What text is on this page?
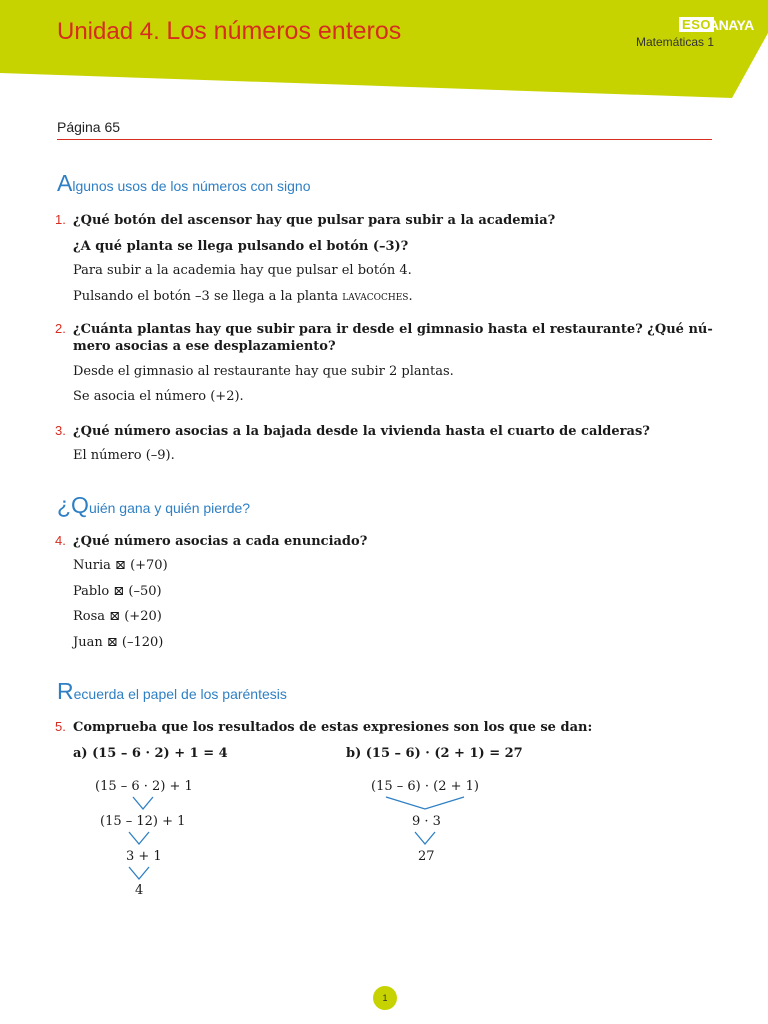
Unidad 4. Los números enteros	ANAYA
ESO
Matemáticas 1
Página 65
Algunos usos de los números con signo
1. ¿Qué botón del ascensor hay que pulsar para subir a la academia?
¿A qué planta se llega pulsando el botón (–3)?
Para subir a la academia hay que pulsar el botón 4.
Pulsando el botón –3 se llega a la planta lavacoches.
2. ¿Cuánta plantas hay que subir para ir desde el gimnasio hasta el restaurante? ¿Qué nú-
mero asocias a ese desplazamiento?
Desde el gimnasio al restaurante hay que subir 2 plantas.
Se asocia el número (+2).
3. ¿Qué número asocias a la bajada desde la vivienda hasta el cuarto de calderas?
El número (–9).
¿Quién gana y quién pierde?
4. ¿Qué número asocias a cada enunciado?
Nuria ⊠ (+70)
Pablo ⊠ (–50)
Rosa ⊠ (+20)
Juan ⊠ (–120)
Recuerda el papel de los paréntesis
5. Comprueba que los resultados de estas expresiones son los que se dan:
a) (15 – 6 · 2) + 1 = 4	b) (15 – 6) · (2 + 1) = 27
(15 – 6 · 2) + 1
(15 – 12) + 1
3 + 1
4
(15 – 6) · (2 + 1)
9 · 3
27
1
